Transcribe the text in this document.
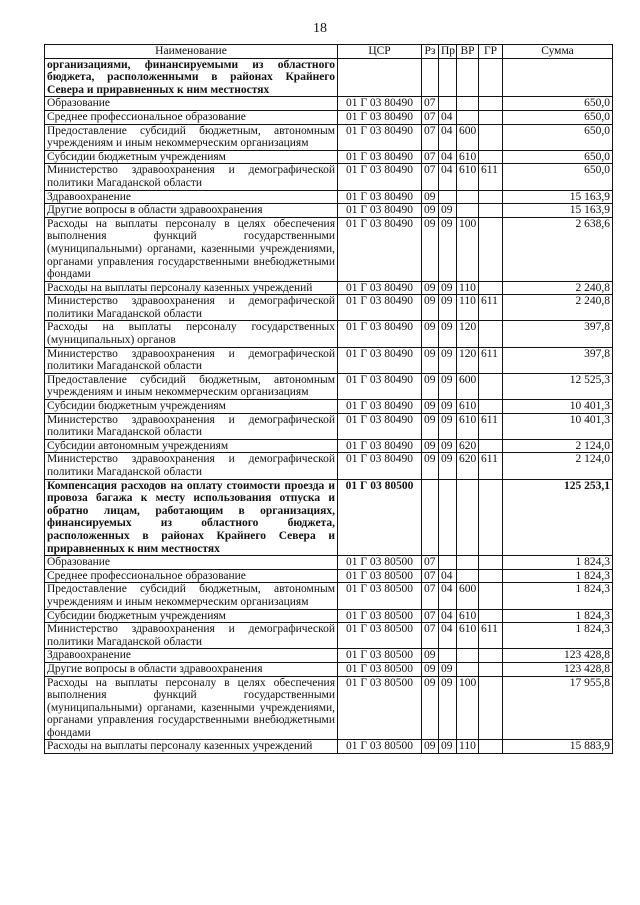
18
Наименование	ЦСР	Рз	Пр	ВР	ГР	Сумма
организациями, финансируемыми из областного бюджета, расположенными в районах Крайнего Севера и приравненных к ним местностях						
Образование	01 Г 03 80490	07				650,0
Среднее профессиональное образование	01 Г 03 80490	07	04			650,0
Предоставление субсидий бюджетным, автономным учреждениям и иным некоммерческим организациям	01 Г 03 80490	07	04	600		650,0
Субсидии бюджетным учреждениям	01 Г 03 80490	07	04	610		650,0
Министерство здравоохранения и демографической политики Магаданской области	01 Г 03 80490	07	04	610	611	650,0
Здравоохранение	01 Г 03 80490	09				15 163,9
Другие вопросы в области здравоохранения	01 Г 03 80490	09	09			15 163,9
Расходы на выплаты персоналу в целях обеспечения выполнения функций государственными (муниципальными) органами, казенными учреждениями, органами управления государственными внебюджетными фондами	01 Г 03 80490	09	09	100		2 638,6
Расходы на выплаты персоналу казенных учреждений	01 Г 03 80490	09	09	110		2 240,8
Министерство здравоохранения и демографической политики Магаданской области	01 Г 03 80490	09	09	110	611	2 240,8
Расходы на выплаты персоналу государственных (муниципальных) органов	01 Г 03 80490	09	09	120		397,8
Министерство здравоохранения и демографической политики Магаданской области	01 Г 03 80490	09	09	120	611	397,8
Предоставление субсидий бюджетным, автономным учреждениям и иным некоммерческим организациям	01 Г 03 80490	09	09	600		12 525,3
Субсидии бюджетным учреждениям	01 Г 03 80490	09	09	610		10 401,3
Министерство здравоохранения и демографической политики Магаданской области	01 Г 03 80490	09	09	610	611	10 401,3
Субсидии автономным учреждениям	01 Г 03 80490	09	09	620		2 124,0
Министерство здравоохранения и демографической политики Магаданской области	01 Г 03 80490	09	09	620	611	2 124,0
Компенсация расходов на оплату стоимости проезда и провоза багажа к месту использования отпуска и обратно лицам, работающим в организациях, финансируемых из областного бюджета, расположенных в районах Крайнего Севера и приравненных к ним местностях	01 Г 03 80500					125 253,1
Образование	01 Г 03 80500	07				1 824,3
Среднее профессиональное образование	01 Г 03 80500	07	04			1 824,3
Предоставление субсидий бюджетным, автономным учреждениям и иным некоммерческим организациям	01 Г 03 80500	07	04	600		1 824,3
Субсидии бюджетным учреждениям	01 Г 03 80500	07	04	610		1 824,3
Министерство здравоохранения и демографической политики Магаданской области	01 Г 03 80500	07	04	610	611	1 824,3
Здравоохранение	01 Г 03 80500	09				123 428,8
Другие вопросы в области здравоохранения	01 Г 03 80500	09	09			123 428,8
Расходы на выплаты персоналу в целях обеспечения выполнения функций государственными (муниципальными) органами, казенными учреждениями, органами управления государственными внебюджетными фондами	01 Г 03 80500	09	09	100		17 955,8
Расходы на выплаты персоналу казенных учреждений	01 Г 03 80500	09	09	110		15 883,9
